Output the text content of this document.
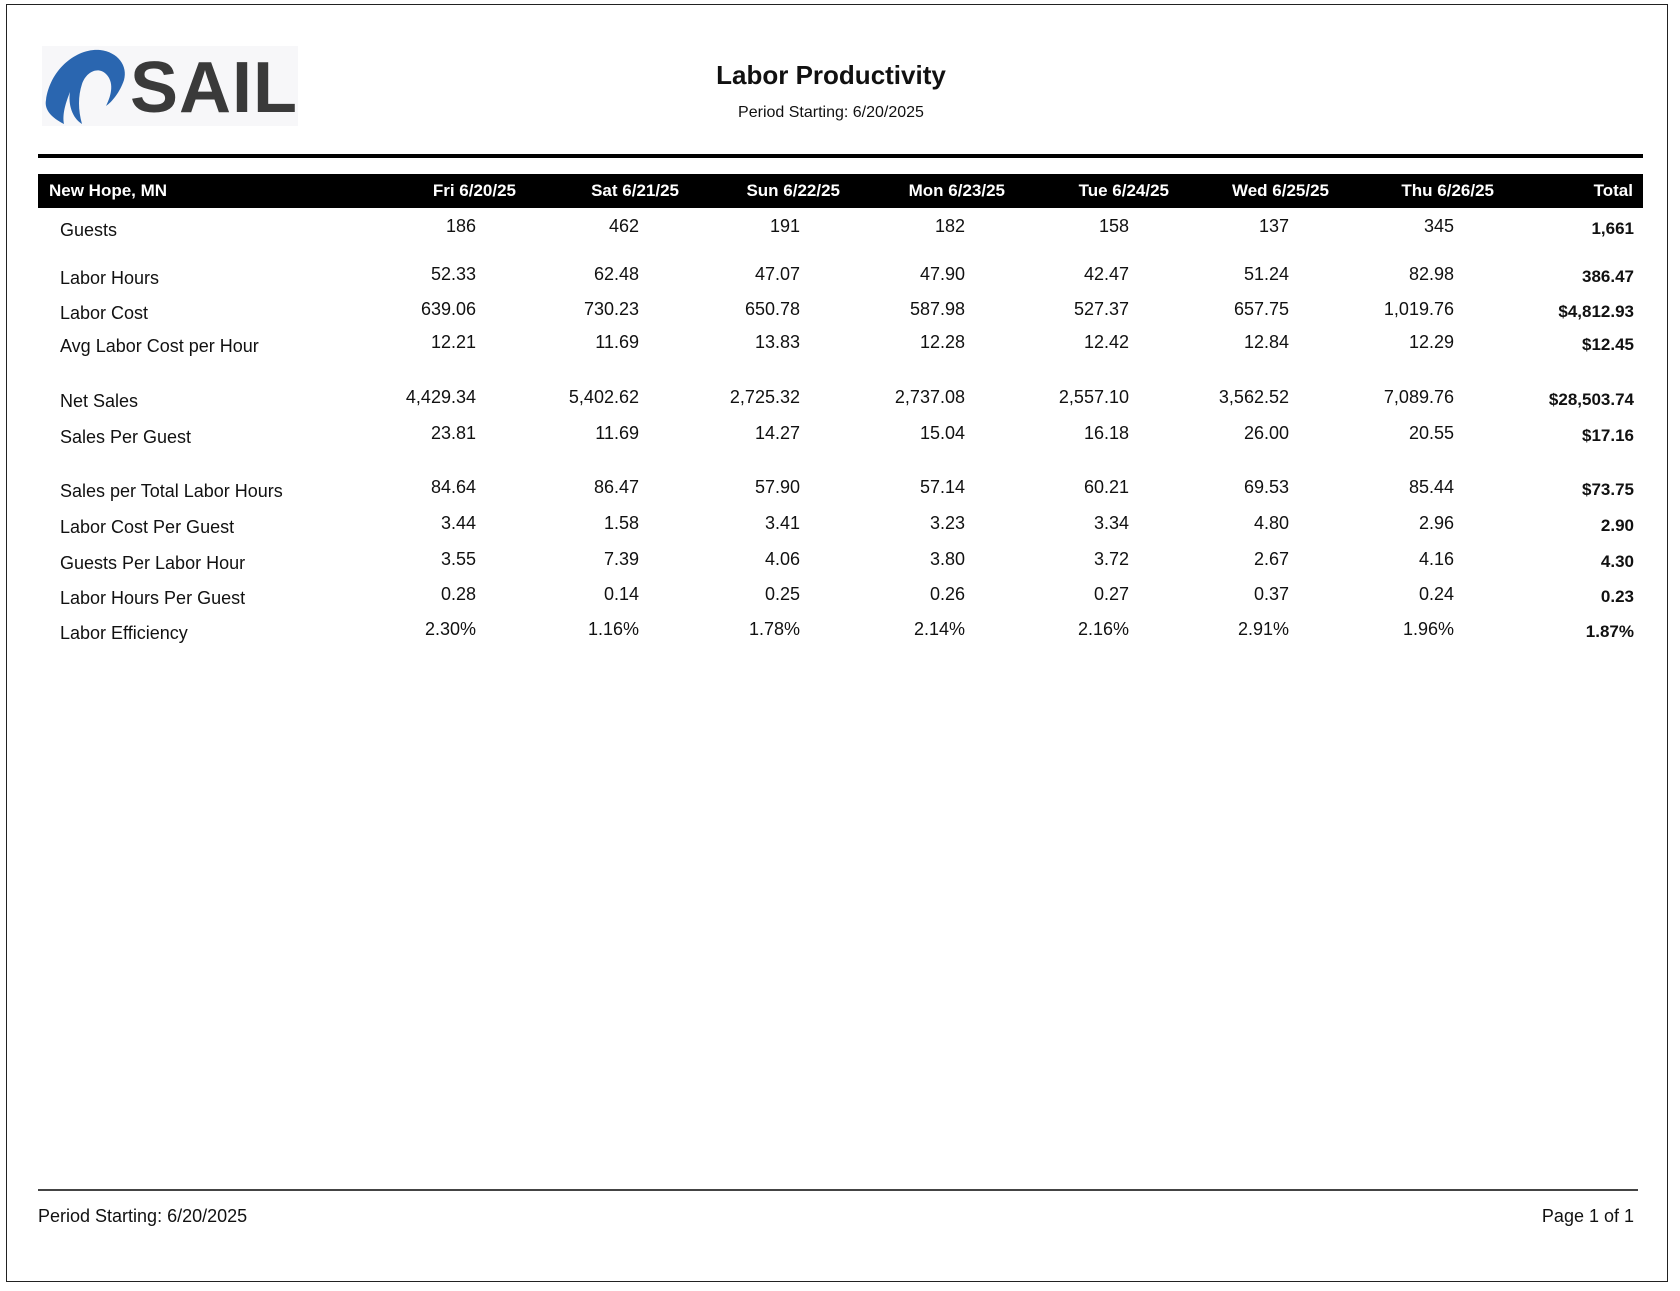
SAIL	Labor Productivity
Period Starting: 6/20/2025
New Hope, MN	Fri 6/20/25	Sat 6/21/25	Sun 6/22/25	Mon 6/23/25	Tue 6/24/25	Wed 6/25/25	Thu 6/26/25	Total
Guests	186	462	191	182	158	137	345	1,661
Labor Hours	52.33	62.48	47.07	47.90	42.47	51.24	82.98	386.47
Labor Cost	639.06	730.23	650.78	587.98	527.37	657.75	1,019.76	$4,812.93
Avg Labor Cost per Hour	12.21	11.69	13.83	12.28	12.42	12.84	12.29	$12.45
Net Sales	4,429.34	5,402.62	2,725.32	2,737.08	2,557.10	3,562.52	7,089.76	$28,503.74
Sales Per Guest	23.81	11.69	14.27	15.04	16.18	26.00	20.55	$17.16
Sales per Total Labor Hours	84.64	86.47	57.90	57.14	60.21	69.53	85.44	$73.75
Labor Cost Per Guest	3.44	1.58	3.41	3.23	3.34	4.80	2.96	2.90
Guests Per Labor Hour	3.55	7.39	4.06	3.80	3.72	2.67	4.16	4.30
Labor Hours Per Guest	0.28	0.14	0.25	0.26	0.27	0.37	0.24	0.23
Labor Efficiency	2.30%	1.16%	1.78%	2.14%	2.16%	2.91%	1.96%	1.87%
Period Starting: 6/20/2025	Page 1 of 1
